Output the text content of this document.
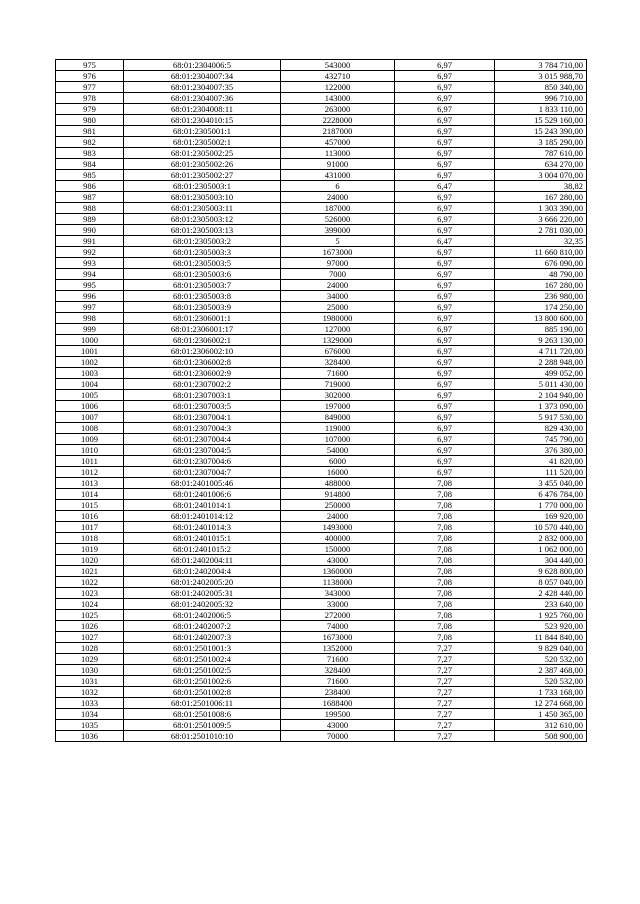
975	68:01:2304006:5	543000	6,97	3 784 710,00
976	68:01:2304007:34	432710	6,97	3 015 988,70
977	68:01:2304007:35	122000	6,97	850 340,00
978	68:01:2304007:36	143000	6,97	996 710,00
979	68:01:2304008:11	263000	6,97	1 833 110,00
980	68:01:2304010:15	2228000	6,97	15 529 160,00
981	68:01:2305001:1	2187000	6,97	15 243 390,00
982	68:01:2305002:1	457000	6,97	3 185 290,00
983	68:01:2305002:25	113000	6,97	787 610,00
984	68:01:2305002:26	91000	6,97	634 270,00
985	68:01:2305002:27	431000	6,97	3 004 070,00
986	68:01:2305003:1	6	6,47	38,82
987	68:01:2305003:10	24000	6,97	167 280,00
988	68:01:2305003:11	187000	6,97	1 303 390,00
989	68:01:2305003:12	526000	6,97	3 666 220,00
990	68:01:2305003:13	399000	6,97	2 781 030,00
991	68:01:2305003:2	5	6,47	32,35
992	68:01:2305003:3	1673000	6,97	11 660 810,00
993	68:01:2305003:5	97000	6,97	676 090,00
994	68:01:2305003:6	7000	6,97	48 790,00
995	68:01:2305003:7	24000	6,97	167 280,00
996	68:01:2305003:8	34000	6,97	236 980,00
997	68:01:2305003:9	25000	6,97	174 250,00
998	68:01:2306001:1	1980000	6,97	13 800 600,00
999	68:01:2306001:17	127000	6,97	885 190,00
1000	68:01:2306002:1	1329000	6,97	9 263 130,00
1001	68:01:2306002:10	676000	6,97	4 711 720,00
1002	68:01:2306002:8	328400	6,97	2 288 948,00
1003	68:01:2306002:9	71600	6,97	499 052,00
1004	68:01:2307002:2	719000	6,97	5 011 430,00
1005	68:01:2307003:1	302000	6,97	2 104 940,00
1006	68:01:2307003:5	197000	6,97	1 373 090,00
1007	68:01:2307004:1	849000	6,97	5 917 530,00
1008	68:01:2307004:3	119000	6,97	829 430,00
1009	68:01:2307004:4	107000	6,97	745 790,00
1010	68:01:2307004:5	54000	6,97	376 380,00
1011	68:01:2307004:6	6000	6,97	41 820,00
1012	68:01:2307004:7	16000	6,97	111 520,00
1013	68:01:2401005:46	488000	7,08	3 455 040,00
1014	68:01:2401006:6	914800	7,08	6 476 784,00
1015	68:01:2401014:1	250000	7,08	1 770 000,00
1016	68:01:2401014:12	24000	7,08	169 920,00
1017	68:01:2401014:3	1493000	7,08	10 570 440,00
1018	68:01:2401015:1	400000	7,08	2 832 000,00
1019	68:01:2401015:2	150000	7,08	1 062 000,00
1020	68:01:2402004:11	43000	7,08	304 440,00
1021	68:01:2402004:4	1360000	7,08	9 628 800,00
1022	68:01:2402005:20	1138000	7,08	8 057 040,00
1023	68:01:2402005:31	343000	7,08	2 428 440,00
1024	68:01:2402005:32	33000	7,08	233 640,00
1025	68:01:2402006:5	272000	7,08	1 925 760,00
1026	68:01:2402007:2	74000	7,08	523 920,00
1027	68:01:2402007:3	1673000	7,08	11 844 840,00
1028	68:01:2501001:3	1352000	7,27	9 829 040,00
1029	68:01:2501002:4	71600	7,27	520 532,00
1030	68:01:2501002:5	328400	7,27	2 387 468,00
1031	68:01:2501002:6	71600	7,27	520 532,00
1032	68:01:2501002:8	238400	7,27	1 733 168,00
1033	68:01:2501006:11	1688400	7,27	12 274 668,00
1034	68:01:2501008:6	199500	7,27	1 450 365,00
1035	68:01:2501009:5	43000	7,27	312 610,00
1036	68:01:2501010:10	70000	7,27	508 900,00
